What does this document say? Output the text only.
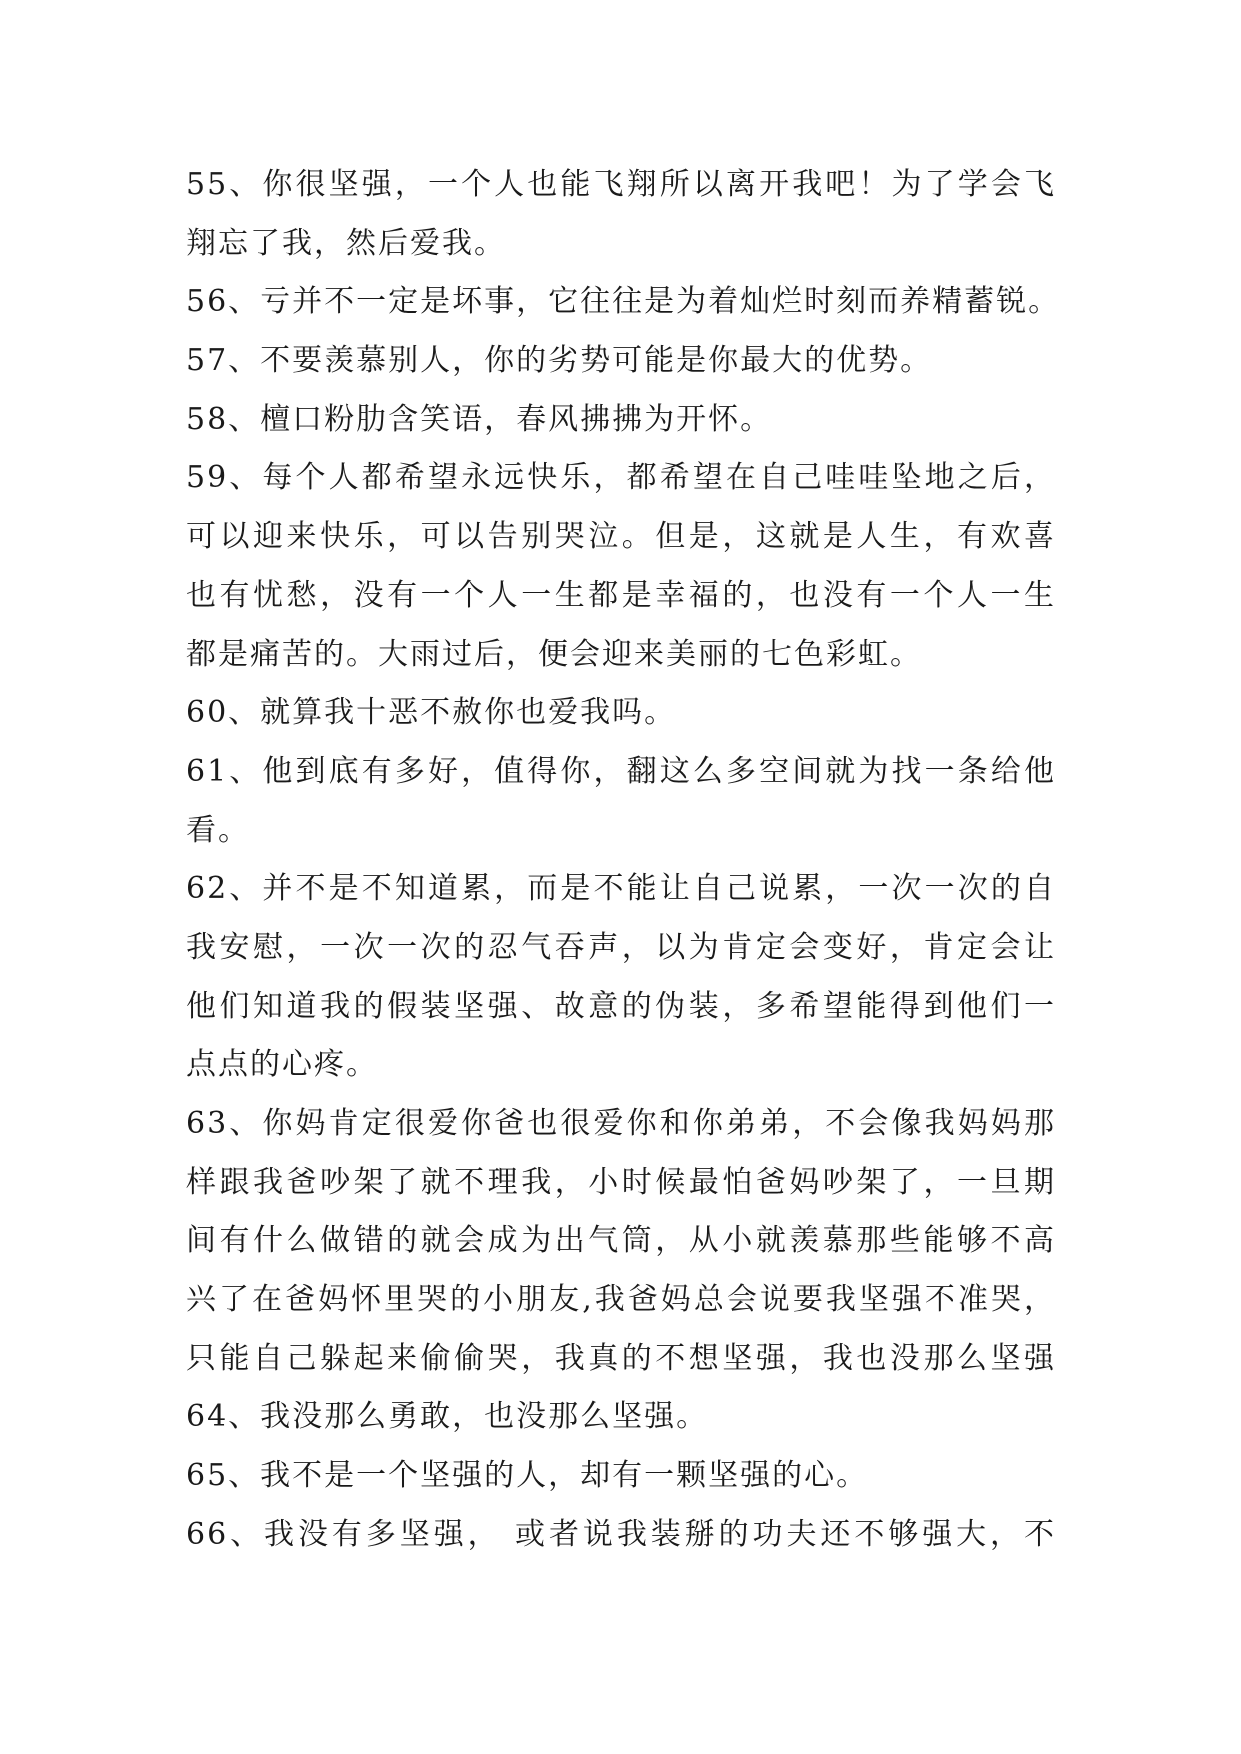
55、你很坚强，一个人也能飞翔所以离开我吧！为了学会飞
翔忘了我，然后爱我。
56、亏并不一定是坏事，它往往是为着灿烂时刻而养精蓄锐。
57、不要羡慕别人，你的劣势可能是你最大的优势。
58、檀口粉肋含笑语，春风拂拂为开怀。
59、每个人都希望永远快乐，都希望在自己哇哇坠地之后，
可以迎来快乐，可以告别哭泣。但是，这就是人生，有欢喜
也有忧愁，没有一个人一生都是幸福的，也没有一个人一生
都是痛苦的。大雨过后，便会迎来美丽的七色彩虹。
60、就算我十恶不赦你也爱我吗。
61、他到底有多好，值得你，翻这么多空间就为找一条给他
看。
62、并不是不知道累，而是不能让自己说累，一次一次的自
我安慰，一次一次的忍气吞声，以为肯定会变好，肯定会让
他们知道我的假装坚强、故意的伪装，多希望能得到他们一
点点的心疼。
63、你妈肯定很爱你爸也很爱你和你弟弟，不会像我妈妈那
样跟我爸吵架了就不理我，小时候最怕爸妈吵架了，一旦期
间有什么做错的就会成为出气筒，从小就羡慕那些能够不高
兴了在爸妈怀里哭的小朋友,我爸妈总会说要我坚强不准哭，
只能自己躲起来偷偷哭，我真的不想坚强，我也没那么坚强
64、我没那么勇敢，也没那么坚强。
65、我不是一个坚强的人，却有一颗坚强的心。
66、我没有多坚强， 或者说我装掰的功夫还不够强大，不
